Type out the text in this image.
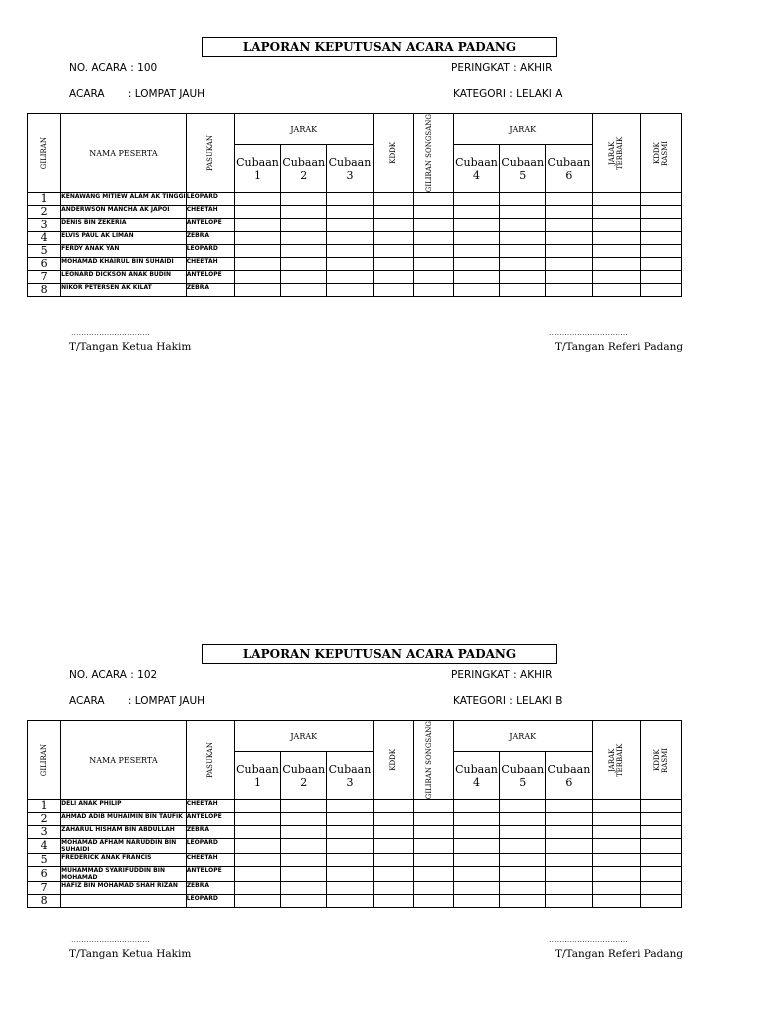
LAPORAN KEPUTUSAN ACARA PADANG
NO. ACARA : 100	PERINGKAT : AKHIR
ACARA       : LOMPAT JAUH	KATEGORI : LELAKI A
GILIRAN	NAMA PESERTA	PASUKAN	JARAK			KDDK	GILIRAN SONGSANG	JARAK			JARAK TERBAIK	KDDK RASMI

			Cubaan 1	Cubaan 2	Cubaan 3			Cubaan 4	Cubaan 5	Cubaan 6		
1	KENAWANG MITIEW ALAM AK TINGGI	LEOPARD										
2	ANDERWSON MANCHA AK JAPOI	CHEETAH										
3	DENIS BIN ZEKERIA	ANTELOPE										
4	ELVIS PAUL AK LIMAN	ZEBRA										
5	FERDY ANAK YAN	LEOPARD										
6	MOHAMAD KHAIRUL BIN SUHAIDI	CHEETAH										
7	LEONARD DICKSON ANAK BUDIN	ANTELOPE										
8	NIKOR PETERSEN AK KILAT	ZEBRA										
...............................	...............................
T/Tangan Ketua Hakim	T/Tangan Referi Padang
LAPORAN KEPUTUSAN ACARA PADANG
NO. ACARA : 102	PERINGKAT : AKHIR
ACARA       : LOMPAT JAUH	KATEGORI : LELAKI B
GILIRAN	NAMA PESERTA	PASUKAN	JARAK			KDDK	GILIRAN SONGSANG	JARAK			JARAK TERBAIK	KDDK RASMI

			Cubaan 1	Cubaan 2	Cubaan 3			Cubaan 4	Cubaan 5	Cubaan 6		
1	DELI ANAK PHILIP	CHEETAH										
2	AHMAD ADIB MUHAIMIN BIN TAUFIK	ANTELOPE										
3	ZAHARUL HISHAM BIN ABDULLAH	ZEBRA										
4	MOHAMAD AFHAM NARUDDIN BIN SUHAIDI	LEOPARD										
5	FREDERICK ANAK FRANCIS	CHEETAH										
6	MUHAMMAD SYARIFUDDIN BIN MOHAMAD	ANTELOPE										
7	HAFIZ BIN MOHAMAD SHAH RIZAN	ZEBRA										
8		LEOPARD										
...............................	...............................
T/Tangan Ketua Hakim	T/Tangan Referi Padang
